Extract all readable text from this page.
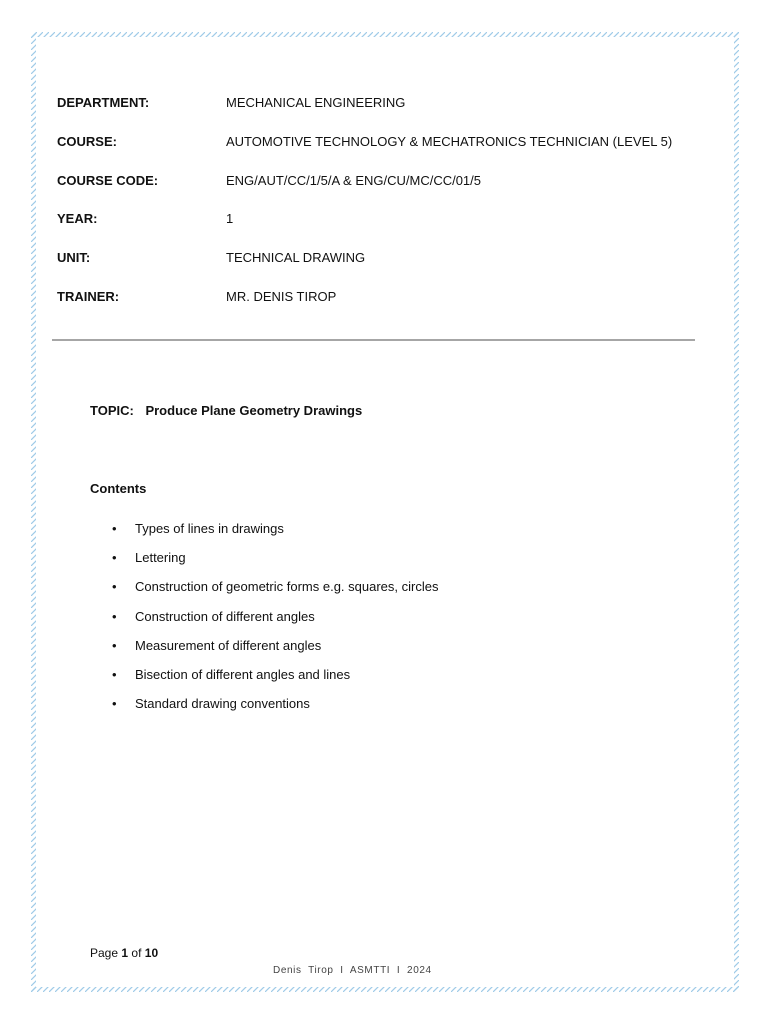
DEPARTMENT:	MECHANICAL ENGINEERING
COURSE:	AUTOMOTIVE TECHNOLOGY & MECHATRONICS TECHNICIAN (LEVEL 5)
COURSE CODE:	ENG/AUT/CC/1/5/A & ENG/CU/MC/CC/01/5
YEAR:	1
UNIT:	TECHNICAL DRAWING
TRAINER:	MR. DENIS TIROP
TOPIC: Produce Plane Geometry Drawings
Contents
•	Types of lines in drawings
•	Lettering
•	Construction of geometric forms e.g. squares, circles
•	Construction of different angles
•	Measurement of different angles
•	Bisection of different angles and lines
•	Standard drawing conventions
Page 1 of 10
Denis  Tirop  I  ASMTTI  I  2024
